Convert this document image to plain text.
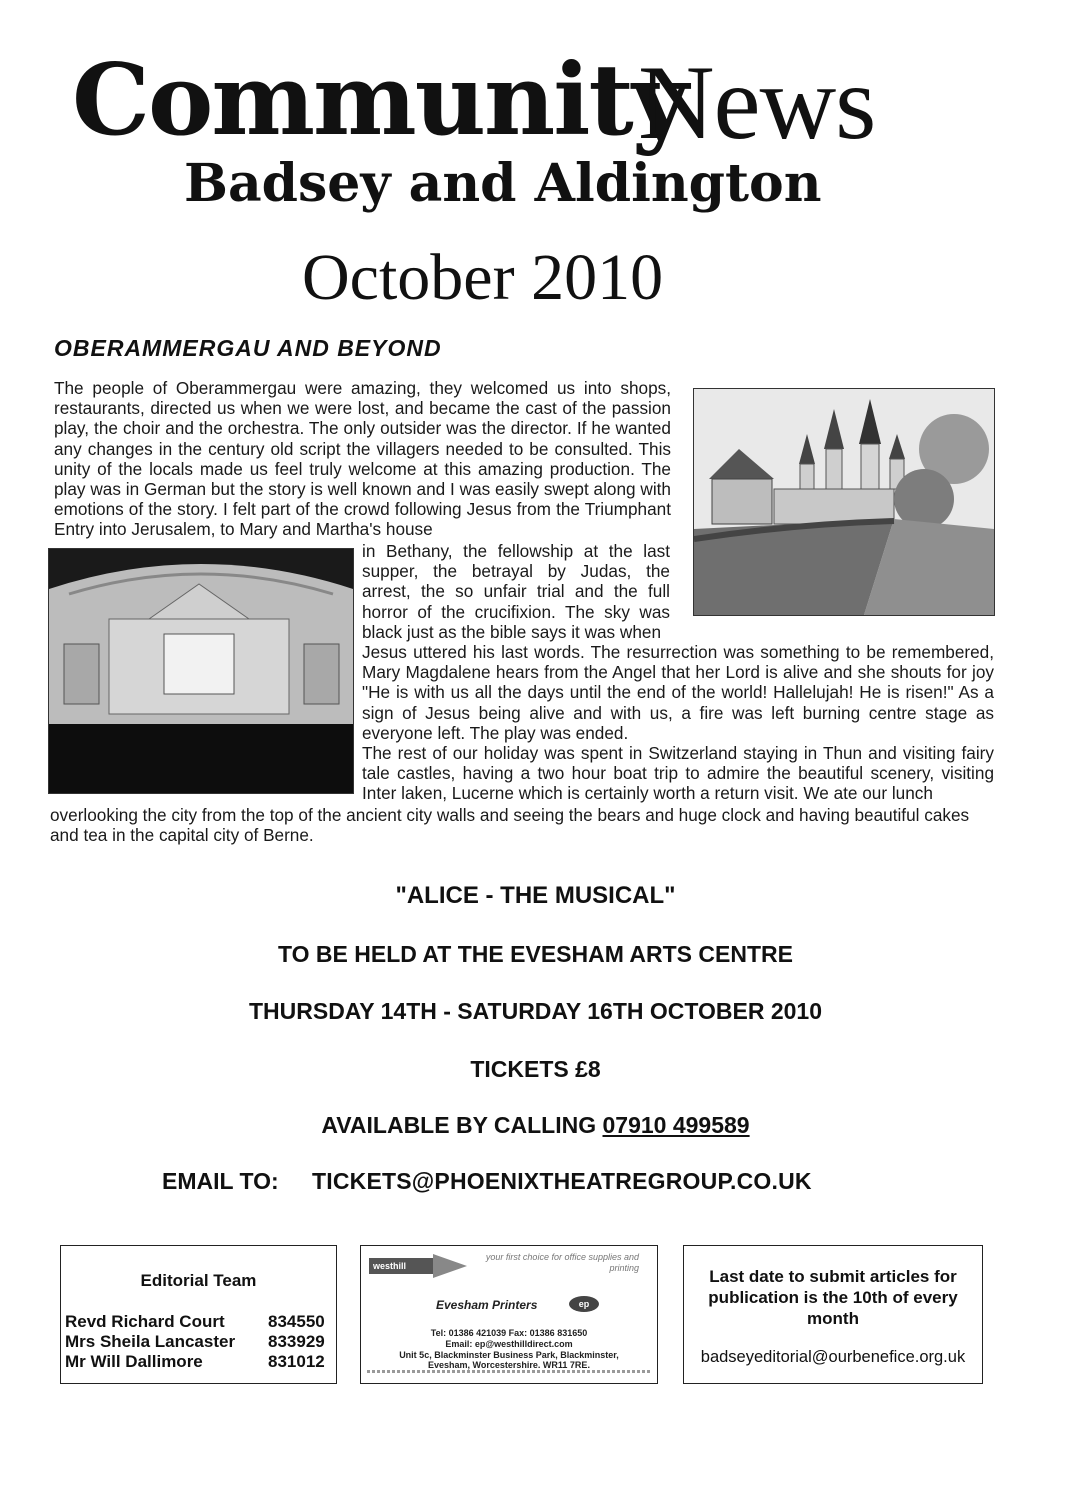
Community
News
Badsey and Aldington
October 2010
OBERAMMERGAU AND BEYOND
The people of Oberammergau were amazing, they welcomed us into shops, restaurants, directed us when we were lost, and became the cast of the passion play, the choir and the orchestra. The only outsider was the director. If he wanted any changes in the century old script the villagers needed to be consulted. This unity of the locals made us feel truly welcome at this amazing production. The play was in German but the story is well known and I was easily swept along with emotions of the story. I felt part of the crowd following Jesus from the Triumphant Entry into Jerusalem, to Mary and Martha's house
in Bethany, the fellowship at the last supper, the betrayal by Judas, the arrest, the so unfair trial and the full horror of the crucifixion. The sky was black just as the bible says it was when
Jesus uttered his last words. The resurrection was something to be remembered, Mary Magdalene hears from the Angel that her Lord is alive and she shouts for joy "He is with us all the days until the end of the world! Hallelujah! He is risen!" As a sign of Jesus being alive and with us, a fire was left burning centre stage as everyone left. The play was ended.
The rest of our holiday was spent in Switzerland staying in Thun and visiting fairy tale castles, having a two hour boat trip to admire the beautiful scenery, visiting Inter laken, Lucerne which is certainly worth a return visit. We ate our lunch
overlooking the city from the top of the ancient city walls and seeing the bears and huge clock and having beautiful cakes and tea in the capital city of Berne.
"ALICE - THE MUSICAL"
TO BE HELD AT THE EVESHAM ARTS CENTRE
THURSDAY 14TH - SATURDAY 16TH OCTOBER 2010
TICKETS £8
AVAILABLE BY CALLING 07910 499589
EMAIL TO: TICKETS@PHOENIXTHEATREGROUP.CO.UK
Editorial Team
Revd Richard Court	834550
Mrs Sheila Lancaster 833929
Mr Will Dallimore	831012
westhill
your first choice for office supplies and printing
Evesham Printers	ep
Tel: 01386 421039 Fax: 01386 831650
Email: ep@westhilldirect.com
Unit 5c, Blackminster Business Park, Blackminster,
Evesham, Worcestershire. WR11 7RE.
Last date to submit articles for publication is the 10th of every month
badseyeditorial@ourbenefice.org.uk
